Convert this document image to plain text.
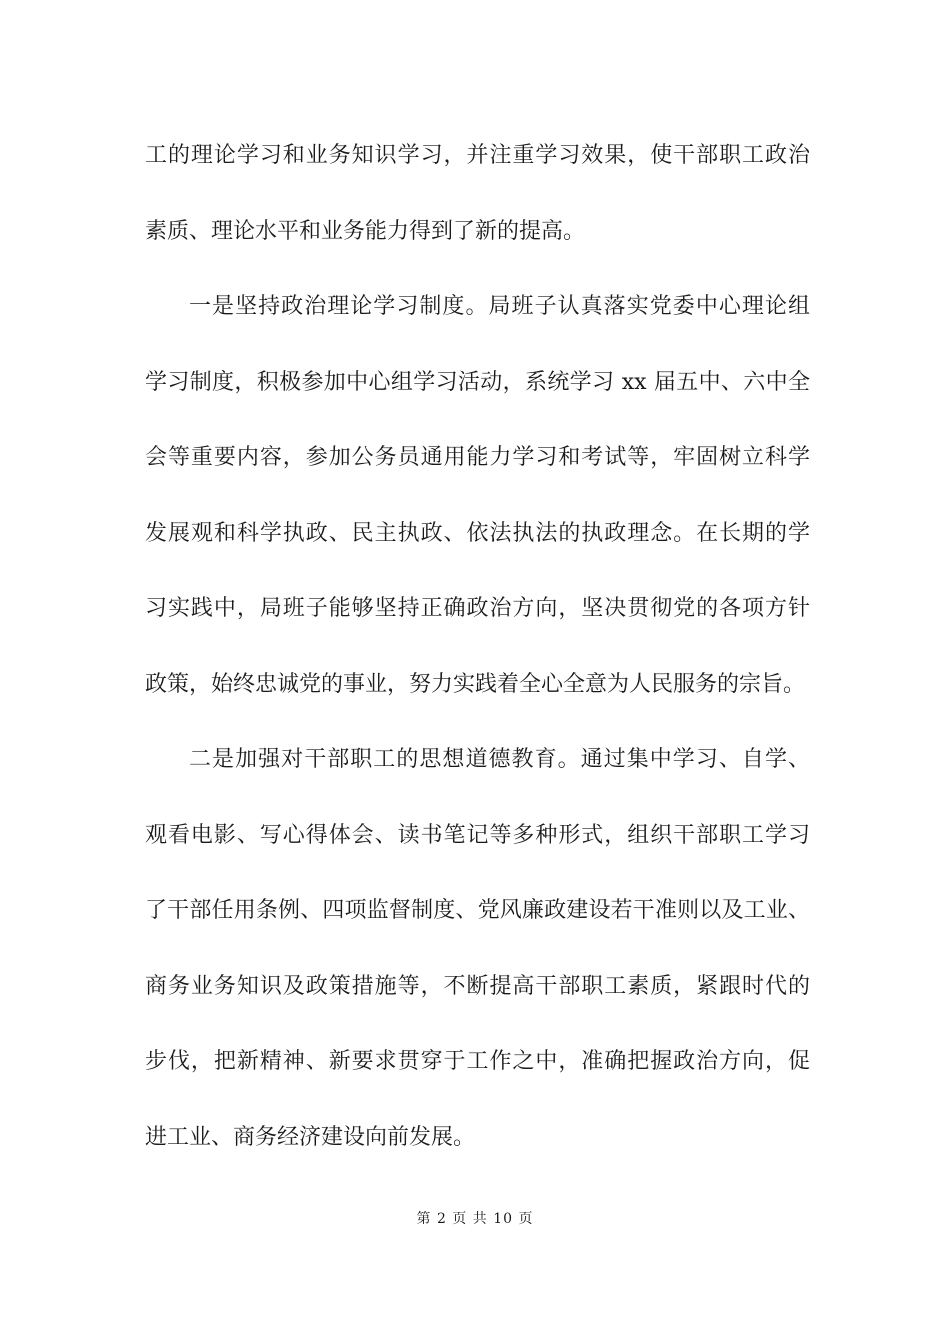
工的理论学习和业务知识学习，并注重学习效果，使干部职工政治
素质、理论水平和业务能力得到了新的提高。
一是坚持政治理论学习制度。局班子认真落实党委中心理论组
学习制度，积极参加中心组学习活动，系统学习 xx 届五中、六中全
会等重要内容，参加公务员通用能力学习和考试等，牢固树立科学
发展观和科学执政、民主执政、依法执法的执政理念。在长期的学
习实践中，局班子能够坚持正确政治方向，坚决贯彻党的各项方针
政策，始终忠诚党的事业，努力实践着全心全意为人民服务的宗旨。
二是加强对干部职工的思想道德教育。通过集中学习、自学、
观看电影、写心得体会、读书笔记等多种形式，组织干部职工学习
了干部任用条例、四项监督制度、党风廉政建设若干准则以及工业、
商务业务知识及政策措施等，不断提高干部职工素质，紧跟时代的
步伐，把新精神、新要求贯穿于工作之中，准确把握政治方向，促
进工业、商务经济建设向前发展。
第 2 页 共 10 页
